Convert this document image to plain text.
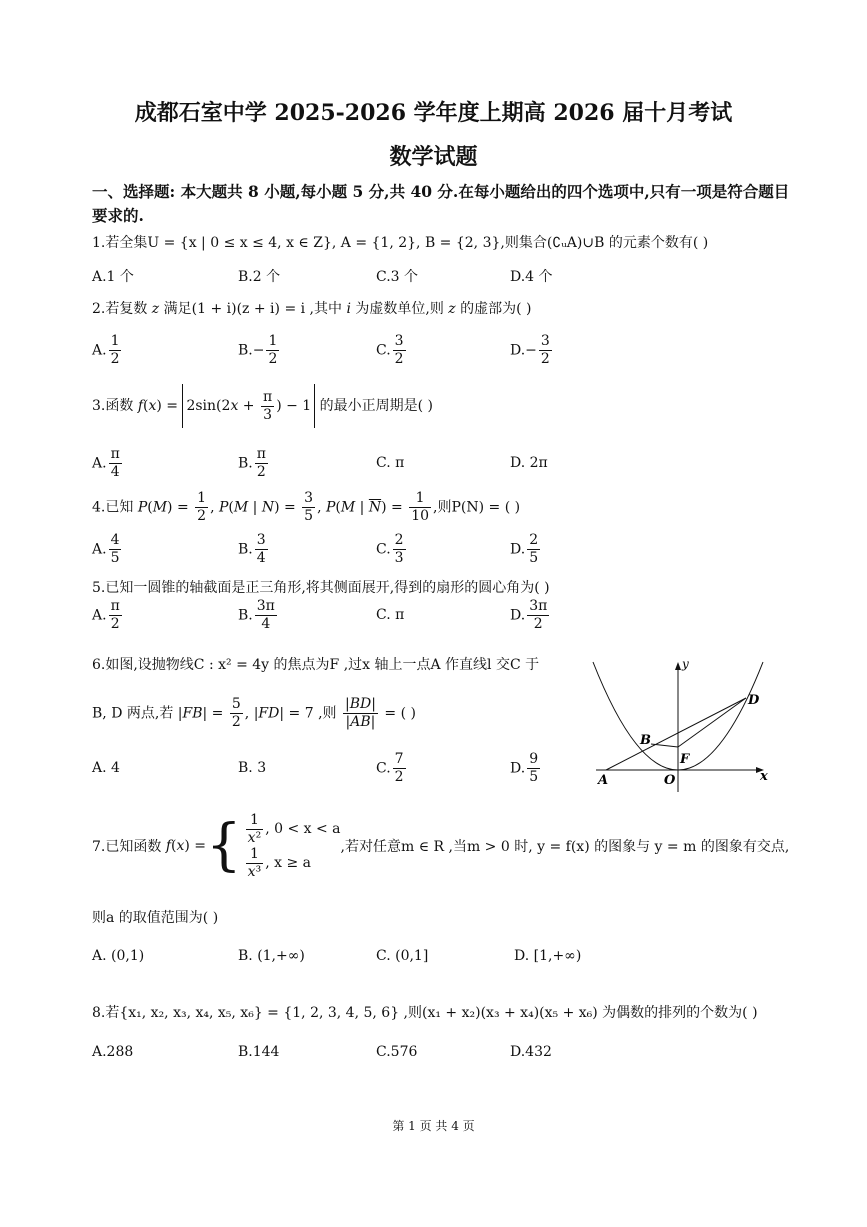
成都石室中学 2025-2026 学年度上期高 2026 届十月考试
数学试题
一、选择题: 本大题共 8 小题,每小题 5 分,共 40 分.在每小题给出的四个选项中,只有一项是符合题目要求的.
1.若全集U = {x | 0 ≤ x ≤ 4, x ∈ Z}, A = {1, 2}, B = {2, 3},则集合(∁ᵤA)∪B 的元素个数有( )
A.1 个	B.2 个	C.3 个	D.4 个
2.若复数 z 满足(1 + i)(z + i) = i ,其中 i 为虚数单位,则 z 的虚部为( )
A. $\frac{1}{2}$	$B.- \frac{1}{2}$	C. $\frac{3}{2}$	$D.- \frac{3}{2}$
3.函数 $f(x) = 2\sin(2x + \frac{\pi}{3}$ ) − 1 的最小正周期是( )
A. $\frac{\pi}{4}$	B. $\frac{\pi}{2}$	C. π	D. 2π
4.已知 $P(M) = \frac{1}{2}$ , P(M | $N) = \frac{3}{5}$ , P(M | $\overline{N}) = \frac{1}{10}$ ,则P(N) = ( )
A. $\frac{4}{5}$	B. $\frac{3}{4}$	C. $\frac{2}{3}$	D. $\frac{2}{5}$
5.已知一圆锥的轴截面是正三角形,将其侧面展开,得到的扇形的圆心角为( )
A. $\frac{\pi}{2}$	B. $\frac{3\pi}{4}$	C. π	D. $\frac{3\pi}{2}$
6.如图,设抛物线C : x² = 4y 的焦点为F ,过x 轴上一点A 作直线l 交C 于
B, D 两点,若 $|FB| = \frac{5}{2}$ , |FD| = 7 ,则 $\frac{|BD|}{|AB|}$ = ( )
A. 4	B. 3	C. $\frac{7}{2}$	D. $\frac{9}{5}$
y
x
A
B
D
F
O
7.已知函数
f ( x ) = { $\frac{1}{\text{x²}}$ , 0 < x < a
$\frac{1}{\text{x³}}$ , x ≥ a
,若对任意m ∈ R ,当m > 0 时, y = f(x) 的图象与 y = m 的图象有交点,
则a 的取值范围为( )
A. (0,1)	B. (1,+∞)	C. (0,1]	D. [1,+∞)
8.若{x₁, x₂, x₃, x₄, x₅, x₆} = {1, 2, 3, 4, 5, 6} ,则(x₁ + x₂)(x₃ + x₄)(x₅ + x₆) 为偶数的排列的个数为( )
A.288	B.144	C.576	D.432
第 1 页 共 4 页
